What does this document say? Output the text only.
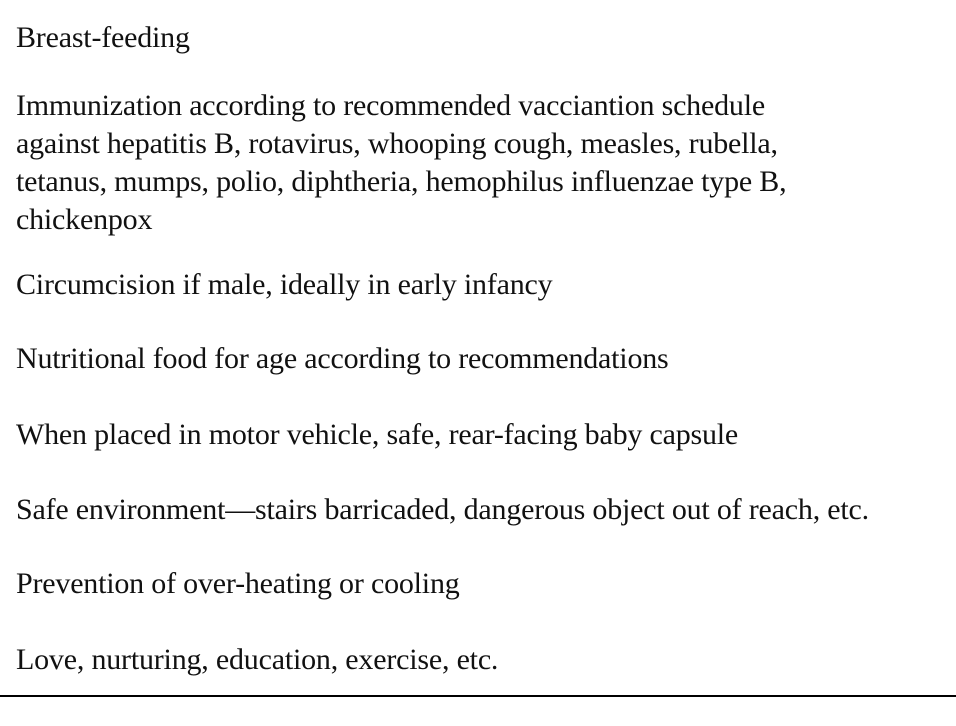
Breast-feeding

Immunization according to recommended vacciantion schedule
against hepatitis B, rotavirus, whooping cough, measles, rubella,
tetanus, mumps, polio, diphtheria, hemophilus influenzae type B,
chickenpox

Circumcision if male, ideally in early infancy

Nutritional food for age according to recommendations

When placed in motor vehicle, safe, rear-facing baby capsule

Safe environment—stairs barricaded, dangerous object out of reach, etc.

Prevention of over-heating or cooling

Love, nurturing, education, exercise, etc.
